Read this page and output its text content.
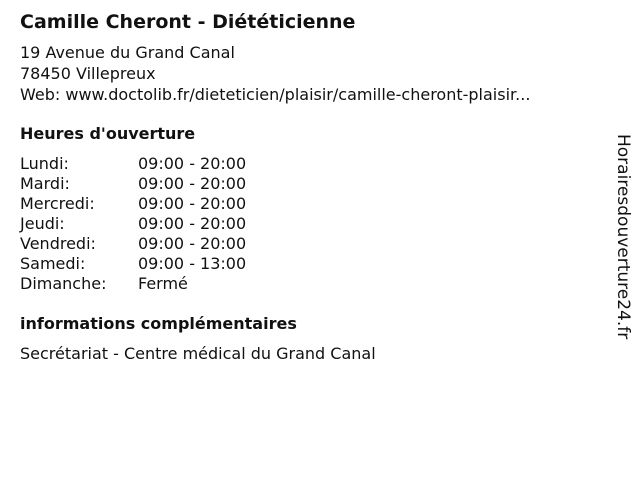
Camille Cheront - Diététicienne
19 Avenue du Grand Canal
78450 Villepreux
Web: www.doctolib.fr/dieteticien/plaisir/camille-cheront-plaisir...
Heures d'ouverture
Lundi:	09:00 - 20:00
Mardi:	09:00 - 20:00
Mercredi:	09:00 - 20:00
Jeudi:	09:00 - 20:00
Vendredi:	09:00 - 20:00
Samedi:	09:00 - 13:00
Dimanche: Fermé
informations complémentaires
Secrétariat - Centre médical du Grand Canal
Horairesdouverture24.fr
